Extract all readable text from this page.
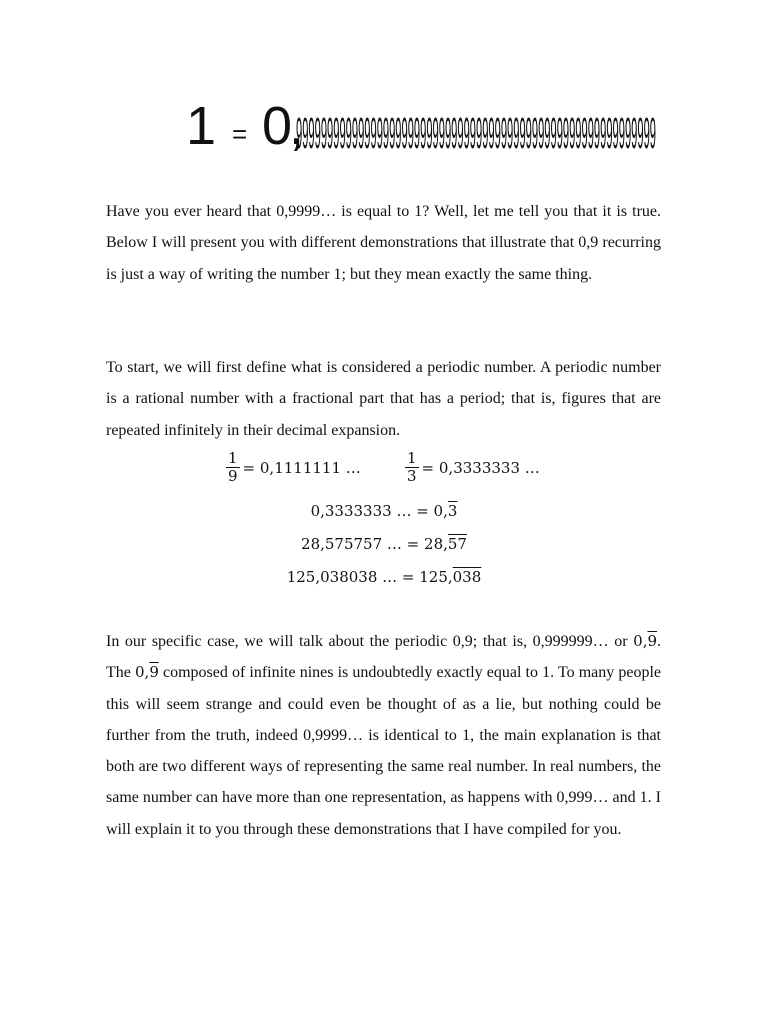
1 = 0,
9999999999999999999999999999999999999999999999999999999999

Have you ever heard that 0,9999… is equal to 1? Well, let me tell you that it is true. Below I will present you with different demonstrations that illustrate that 0,9 recurring is just a way of writing the number 1; but they mean exactly the same thing.

To start, we will first define what is considered a periodic number. A periodic number is a rational number with a fractional part that has a period; that is, figures that are repeated infinitely in their decimal expansion.

$\frac{1}{9} = 0,1111111$ …	$\frac{1}{3} = 0,3333333$ …
0,3333333 … = 0,3
28,575757 … = 28,57
125,038038 … = 125,038

In our specific case, we will talk about the periodic 0,9; that is, 0,999999… or 0,9. The 0,9 composed of infinite nines is undoubtedly exactly equal to 1. To many people this will seem strange and could even be thought of as a lie, but nothing could be further from the truth, indeed 0,9999… is identical to 1, the main explanation is that both are two different ways of representing the same real number. In real numbers, the same number can have more than one representation, as happens with 0,999… and 1. I will explain it to you through these demonstrations that I have compiled for you.
